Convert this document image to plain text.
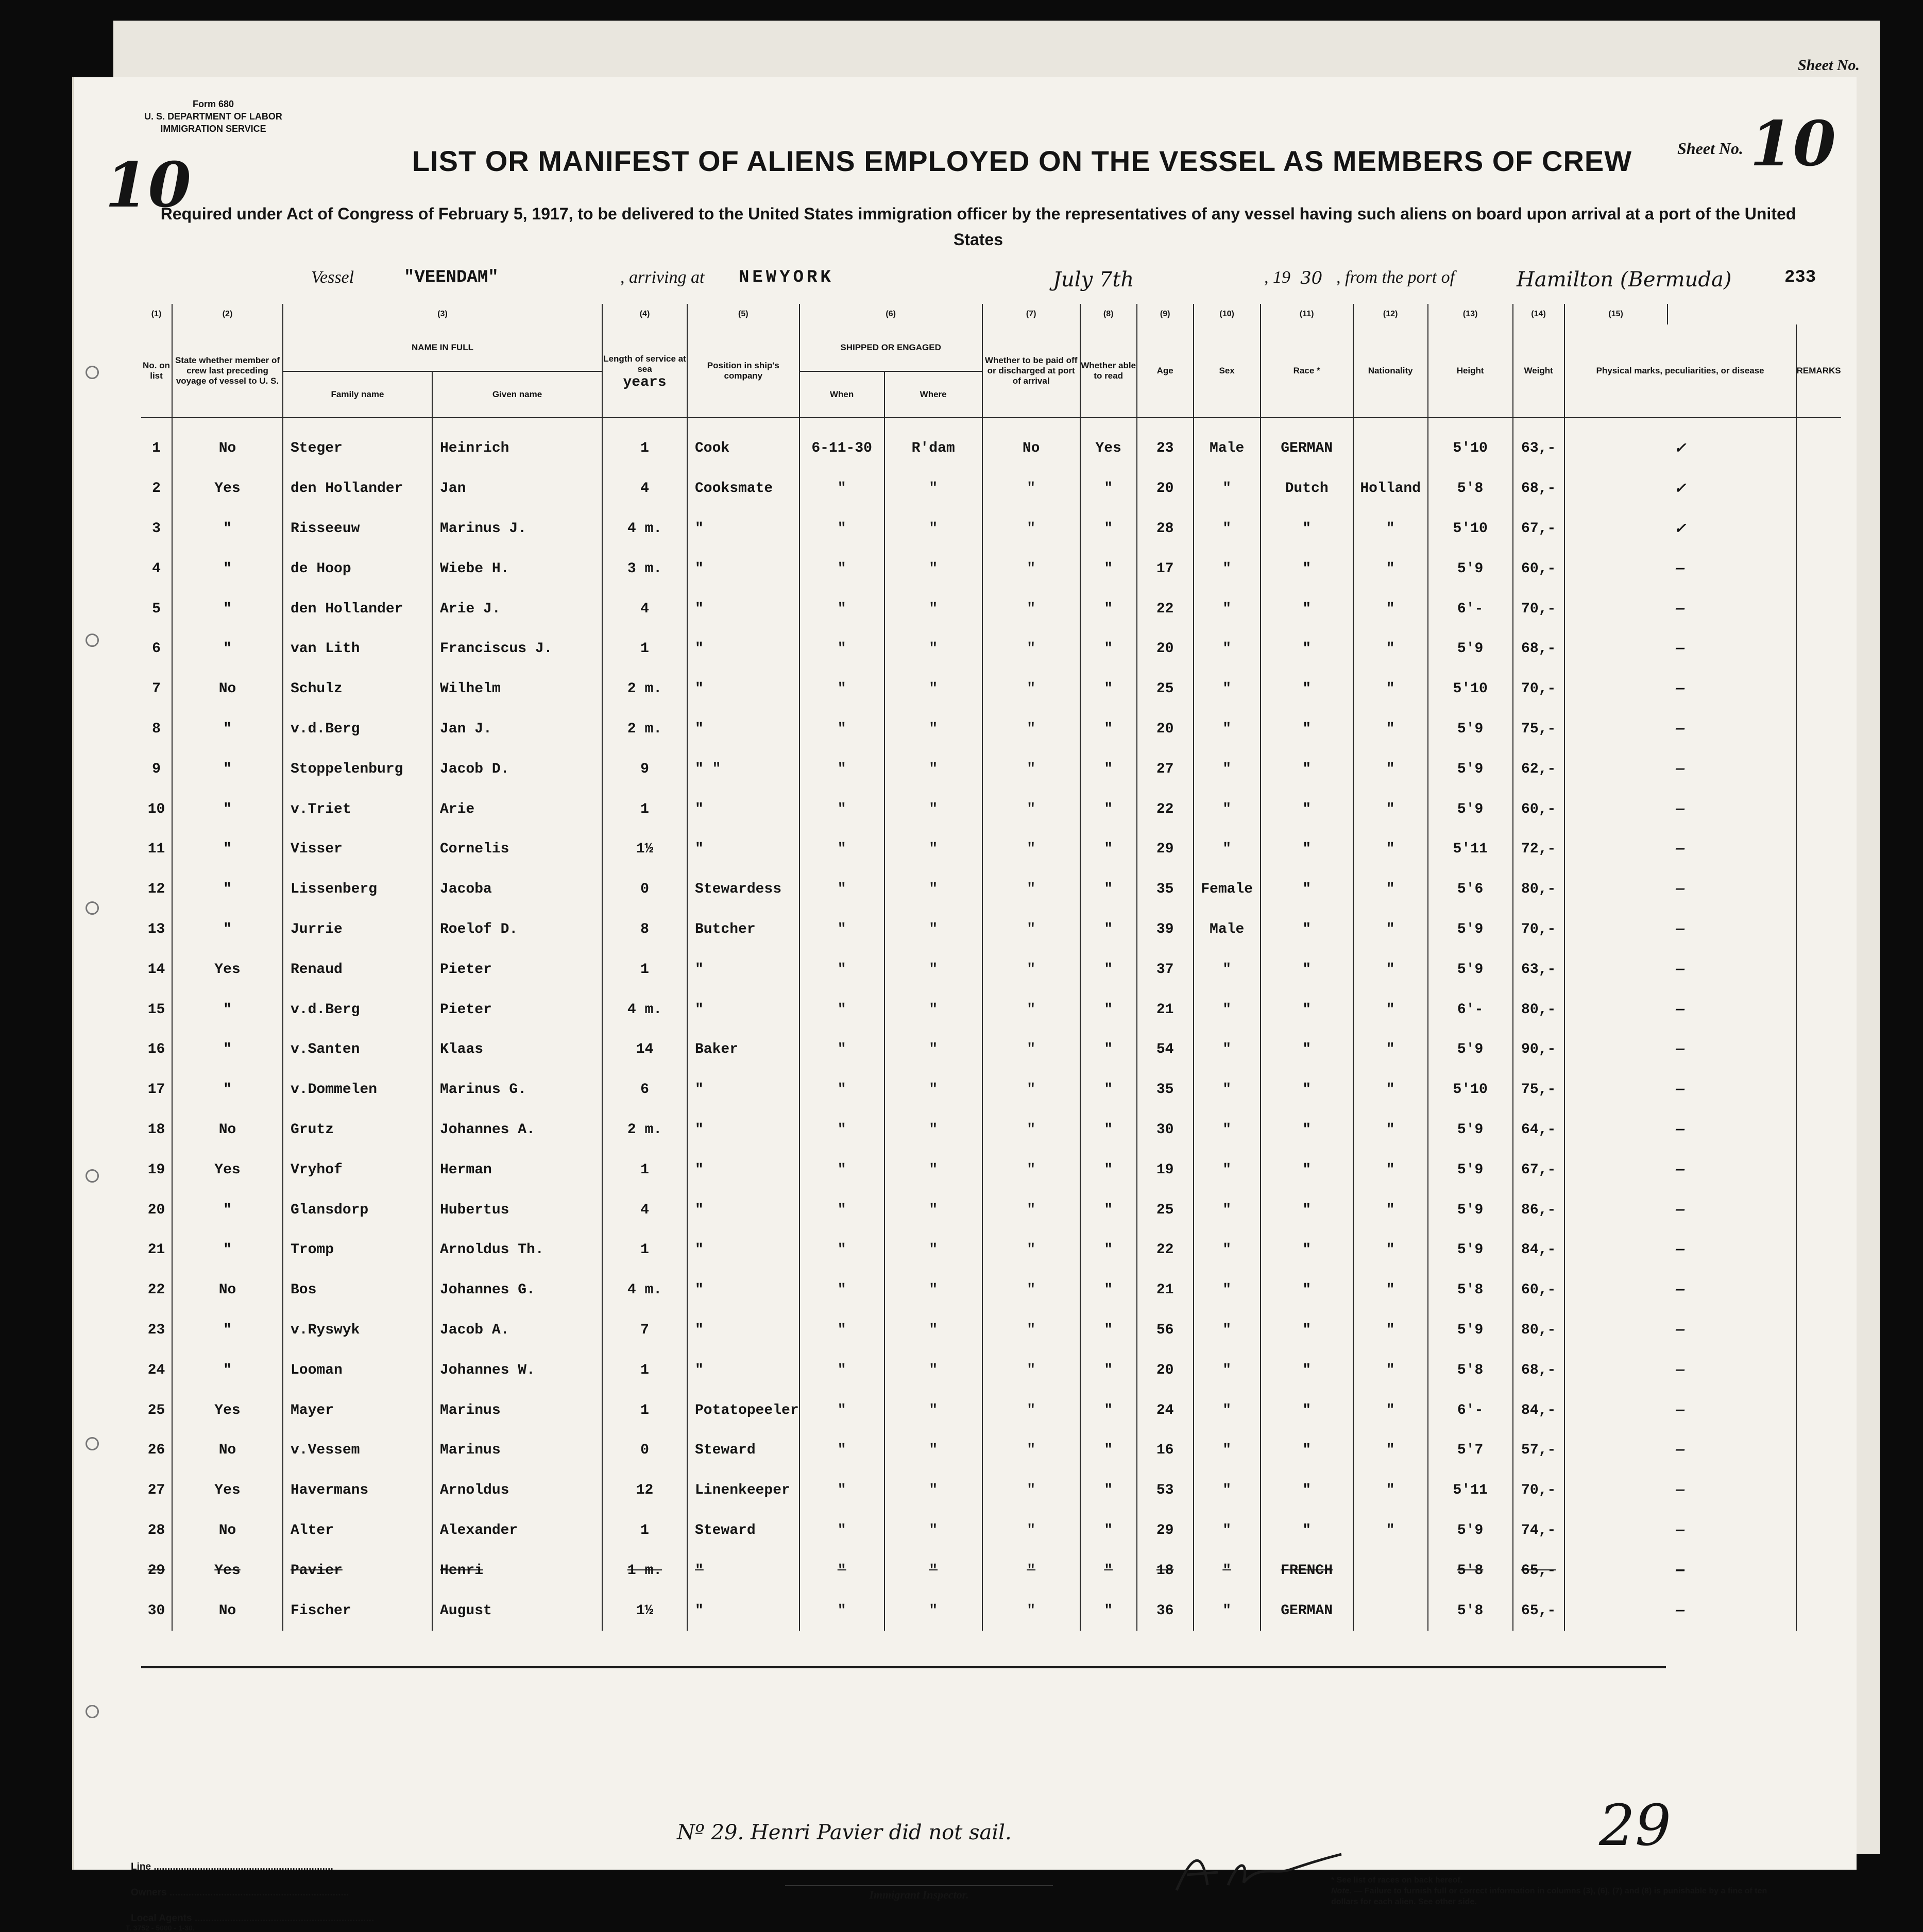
Sheet No.
Form 680
U. S. DEPARTMENT OF LABOR
IMMIGRATION SERVICE
10	LIST OR MANIFEST OF ALIENS EMPLOYED ON THE VESSEL AS MEMBERS OF CREW	Sheet No. 10
Required under Act of Congress of February 5, 1917, to be delivered to the United States immigration officer by the representatives of any vessel having such aliens on board upon arrival at a port of the United States
Vessel	"VEENDAM"	, arriving at NEWYORK	July 7th	, 19 30 , from the port of	Hamilton (Bermuda)	233
(1)	(2)	(3)		(4)	(5)	(6)		(7)	(8)	(9)	(10)	(11)	(12)	(13)	(14)	(15)		
No. on list	State whether member of crew last preceding voyage of vessel to U. S.	NAME IN FULL		Length of service at sea
years	Position in ship's company	SHIPPED OR ENGAGED		Whether to be paid off or discharged at port of arrival	Whether able to read	Age	Sex	Race *	Nationality	Height	Weight	Physical marks, peculiarities, or disease		REMARKS
		Family name	Given name			When	Where											
1	No	Steger	Heinrich	1	Cook	6-11-30	R'dam	No	Yes	23	Male	GERMAN		5'10	63,-	✓		
2	Yes	den Hollander	Jan	4	Cooksmate	"	"	"	"	20	"	Dutch	Holland	5'8	68,-	✓		
3	"	Risseeuw	Marinus J.	4 m.	"	"	"	"	"	28	"	"	"	5'10	67,-	✓		
4	"	de Hoop	Wiebe H.	3 m.	"	"	"	"	"	17	"	"	"	5'9	60,-	—		
5	"	den Hollander	Arie J.	4	"	"	"	"	"	22	"	"	"	6'-	70,-	—		
6	"	van Lith	Franciscus J.	1	"	"	"	"	"	20	"	"	"	5'9	68,-	—		
7	No	Schulz	Wilhelm	2 m.	"	"	"	"	"	25	"	"	"	5'10	70,-	—		
8	"	v.d.Berg	Jan J.	2 m.	"	"	"	"	"	20	"	"	"	5'9	75,-	—		
9	"	Stoppelenburg	Jacob D.	9	" "	"	"	"	"	27	"	"	"	5'9	62,-	—		
10	"	v.Triet	Arie	1	"	"	"	"	"	22	"	"	"	5'9	60,-	—		
11	"	Visser	Cornelis	1½	"	"	"	"	"	29	"	"	"	5'11	72,-	—		
12	"	Lissenberg	Jacoba	0	Stewardess	"	"	"	"	35	Female	"	"	5'6	80,-	—		
13	"	Jurrie	Roelof D.	8	Butcher	"	"	"	"	39	Male	"	"	5'9	70,-	—		
14	Yes	Renaud	Pieter	1	"	"	"	"	"	37	"	"	"	5'9	63,-	—		
15	"	v.d.Berg	Pieter	4 m.	"	"	"	"	"	21	"	"	"	6'-	80,-	—		
16	"	v.Santen	Klaas	14	Baker	"	"	"	"	54	"	"	"	5'9	90,-	—		
17	"	v.Dommelen	Marinus G.	6	"	"	"	"	"	35	"	"	"	5'10	75,-	—		
18	No	Grutz	Johannes A.	2 m.	"	"	"	"	"	30	"	"	"	5'9	64,-	—		
19	Yes	Vryhof	Herman	1	"	"	"	"	"	19	"	"	"	5'9	67,-	—		
20	"	Glansdorp	Hubertus	4	"	"	"	"	"	25	"	"	"	5'9	86,-	—		
21	"	Tromp	Arnoldus Th.	1	"	"	"	"	"	22	"	"	"	5'9	84,-	—		
22	No	Bos	Johannes G.	4 m.	"	"	"	"	"	21	"	"	"	5'8	60,-	—		
23	"	v.Ryswyk	Jacob A.	7	"	"	"	"	"	56	"	"	"	5'9	80,-	—		
24	"	Looman	Johannes W.	1	"	"	"	"	"	20	"	"	"	5'8	68,-	—		
25	Yes	Mayer	Marinus	1	Potatopeeler	"	"	"	"	24	"	"	"	6'-	84,-	—		
26	No	v.Vessem	Marinus	0	Steward	"	"	"	"	16	"	"	"	5'7	57,-	—		
27	Yes	Havermans	Arnoldus	12	Linenkeeper	"	"	"	"	53	"	"	"	5'11	70,-	—		
28	No	Alter	Alexander	1	Steward	"	"	"	"	29	"	"	"	5'9	74,-	—		
29	Yes	Pavier	Henri	1 m.	"	"	"	"	"	18	"	FRENCH		5'8	65,-	—		
30	No	Fischer	August	1½	"	"	"	"	"	36	"	GERMAN		5'8	65,-	—		
Nº 29. Henri Pavier did not sail.	29
Line ..................................................................
Owners ..................................................................
Local Agents ..................................................................
Immigrant Inspector.
* See list of races on back hereof.
Note. — Failure to furnish full or correct information in columns (3), (6), (7) and (8) is punishable by a fine of ten dollars for each alien. See other side.
T. 3752 - 5000 - 1-30.
